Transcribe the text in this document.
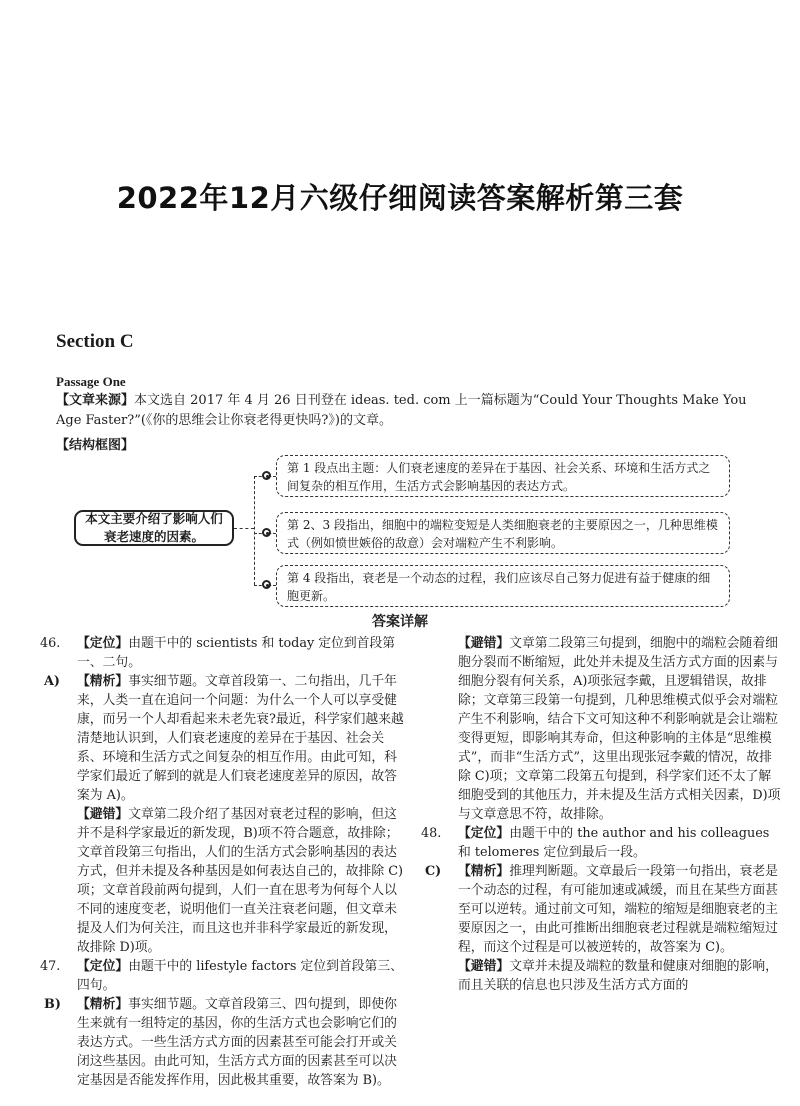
2022年12月六级仔细阅读答案解析第三套
Section C
Passage One

【文章来源】本文选自 2017 年 4 月 26 日刊登在 ideas. ted. com 上一篇标题为“Could Your Thoughts Make You Age Faster?”(《你的思维会让你衰老得更快吗?》)的文章。

【结构框图】
本文主要介绍了影响人们衰老速度的因素。
第 1 段点出主题：人们衰老速度的差异在于基因、社会关系、环境和生活方式之间复杂的相互作用，生活方式会影响基因的表达方式。
第 2、3 段指出，细胞中的端粒变短是人类细胞衰老的主要原因之一，几种思维模式（例如愤世嫉俗的敌意）会对端粒产生不利影响。
第 4 段指出，衰老是一个动态的过程，我们应该尽自己努力促进有益于健康的细胞更新。
答案详解

46. 【定位】由题干中的 scientists 和 today 定位到首段第一、二句。

A) 【精析】事实细节题。文章首段第一、二句指出，几千年来，人类一直在追问一个问题：为什么一个人可以享受健康，而另一个人却看起来未老先衰?最近，科学家们越来越清楚地认识到，人们衰老速度的差异在于基因、社会关系、环境和生活方式之间复杂的相互作用。由此可知，科学家们最近了解到的就是人们衰老速度差异的原因，故答案为 A)。

【避错】文章第二段介绍了基因对衰老过程的影响，但这并不是科学家最近的新发现，B)项不符合题意，故排除；文章首段第三句指出，人们的生活方式会影响基因的表达方式，但并未提及各种基因是如何表达自己的，故排除 C)项；文章首段前两句提到，人们一直在思考为何每个人以不同的速度变老，说明他们一直关注衰老问题，但文章未提及人们为何关注，而且这也并非科学家最近的新发现，故排除 D)项。

47. 【定位】由题干中的 lifestyle factors 定位到首段第三、四句。

B) 【精析】事实细节题。文章首段第三、四句提到，即使你生来就有一组特定的基因，你的生活方式也会影响它们的表达方式。一些生活方式方面的因素甚至可能会打开或关闭这些基因。由此可知，生活方式方面的因素甚至可以决定基因是否能发挥作用，因此极其重要，故答案为 B)。

【避错】文章第二段第三句提到，细胞中的端粒会随着细胞分裂而不断缩短，此处并未提及生活方式方面的因素与细胞分裂有何关系，A)项张冠李戴，且逻辑错误，故排除；文章第三段第一句提到，几种思维模式似乎会对端粒产生不利影响，结合下文可知这种不利影响就是会让端粒变得更短，即影响其寿命，但这种影响的主体是“思维模式”，而非“生活方式”，这里出现张冠李戴的情况，故排除 C)项；文章第二段第五句提到，科学家们还不太了解细胞受到的其他压力，并未提及生活方式相关因素，D)项与文章意思不符，故排除。

48. 【定位】由题干中的 the author and his colleagues 和 telomeres 定位到最后一段。

C) 【精析】推理判断题。文章最后一段第一句指出，衰老是一个动态的过程，有可能加速或减缓，而且在某些方面甚至可以逆转。通过前文可知，端粒的缩短是细胞衰老的主要原因之一，由此可推断出细胞衰老过程就是端粒缩短过程，而这个过程是可以被逆转的，故答案为 C)。

【避错】文章并未提及端粒的数量和健康对细胞的影响，而且关联的信息也只涉及生活方式方面的
